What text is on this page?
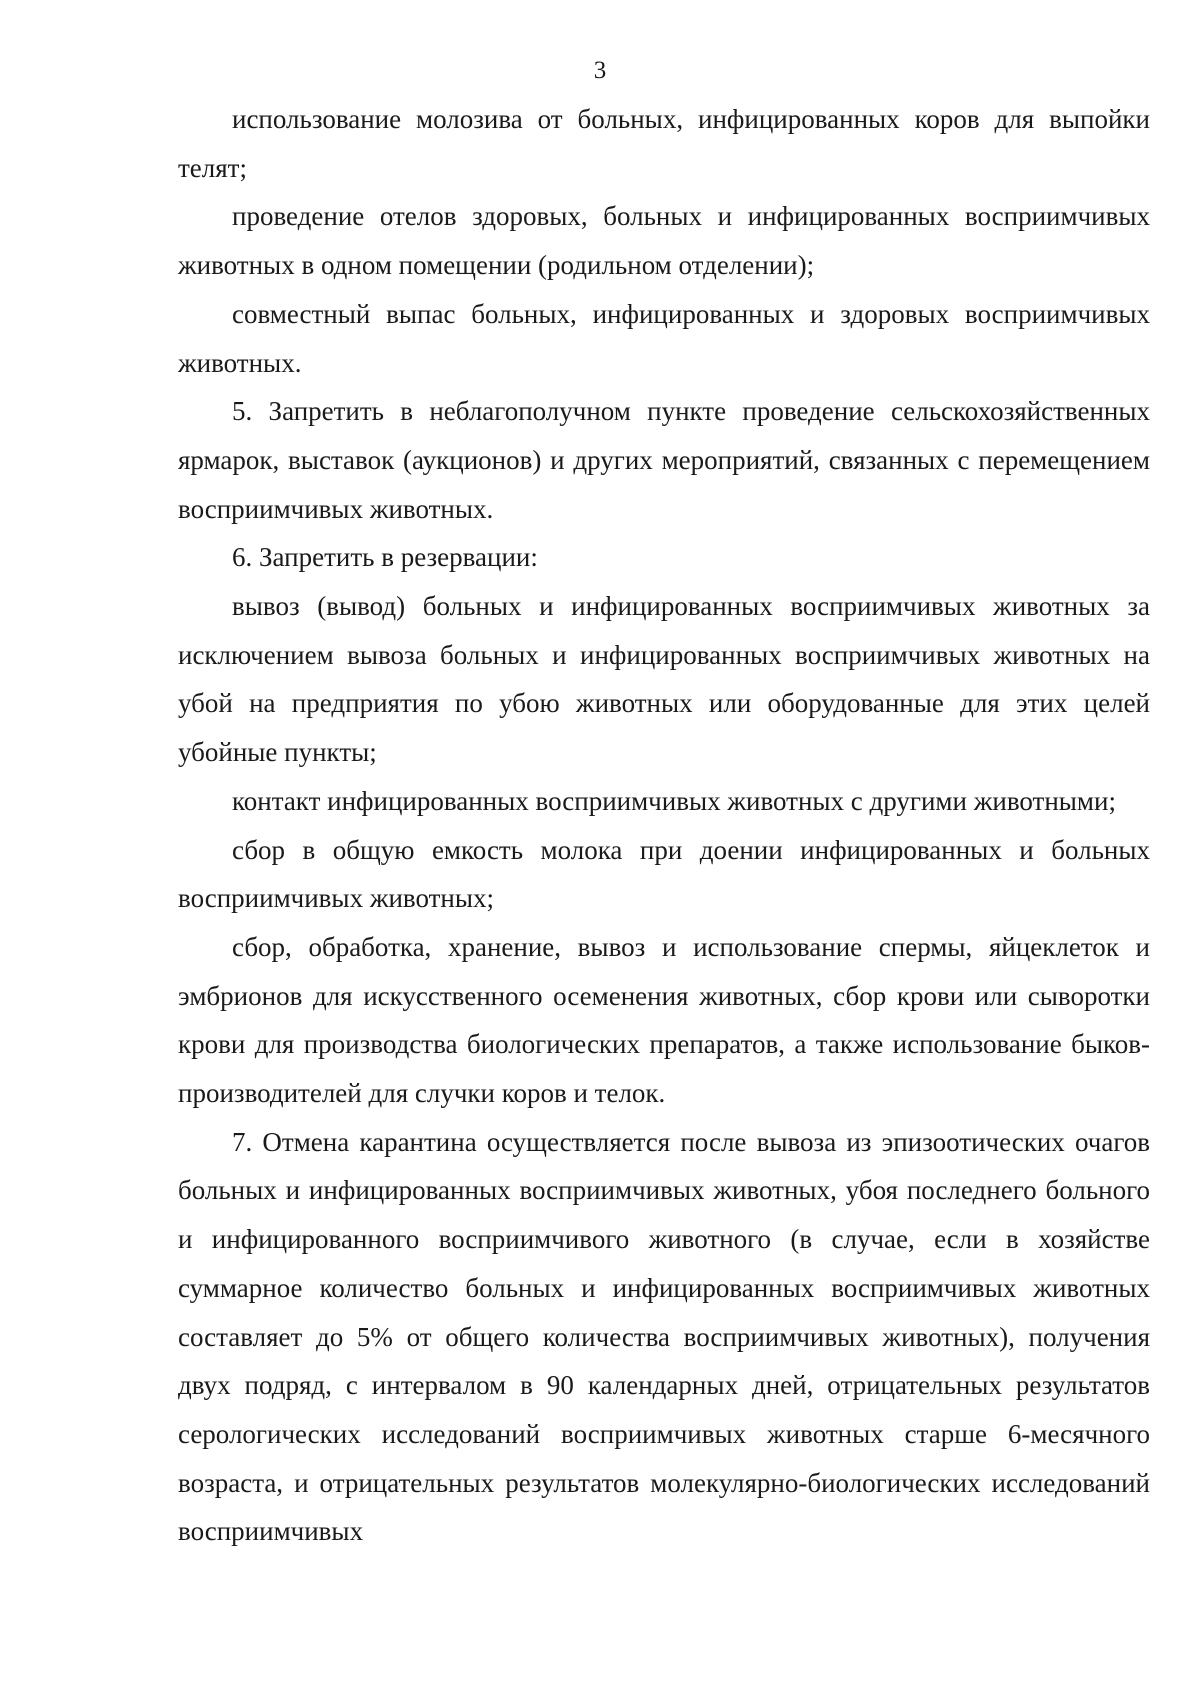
3

использование молозива от больных, инфицированных коров для выпойки телят;

проведение отелов здоровых, больных и инфицированных восприимчивых животных в одном помещении (родильном отделении);

совместный выпас больных, инфицированных и здоровых восприимчивых животных.

5. Запретить в неблагополучном пункте проведение сельскохозяйственных ярмарок, выставок (аукционов) и других мероприятий, связанных с перемещением восприимчивых животных.

6. Запретить в резервации:

вывоз (вывод) больных и инфицированных восприимчивых животных за исключением вывоза больных и инфицированных восприимчивых животных на убой на предприятия по убою животных или оборудованные для этих целей убойные пункты;

контакт инфицированных восприимчивых животных с другими животными;

сбор в общую емкость молока при доении инфицированных и больных восприимчивых животных;

сбор, обработка, хранение, вывоз и использование спермы, яйцеклеток и эмбрионов для искусственного осеменения животных, сбор крови или сыворотки крови для производства биологических препаратов, а также использование быков-производителей для случки коров и телок.

7. Отмена карантина осуществляется после вывоза из эпизоотических очагов больных и инфицированных восприимчивых животных, убоя последнего больного и инфицированного восприимчивого животного (в случае, если в хозяйстве суммарное количество больных и инфицированных восприимчивых животных составляет до 5% от общего количества восприимчивых животных), получения двух подряд, с интервалом в 90 календарных дней, отрицательных результатов серологических исследований восприимчивых животных старше 6-месячного возраста, и отрицательных результатов молекулярно-биологических исследований восприимчивых
